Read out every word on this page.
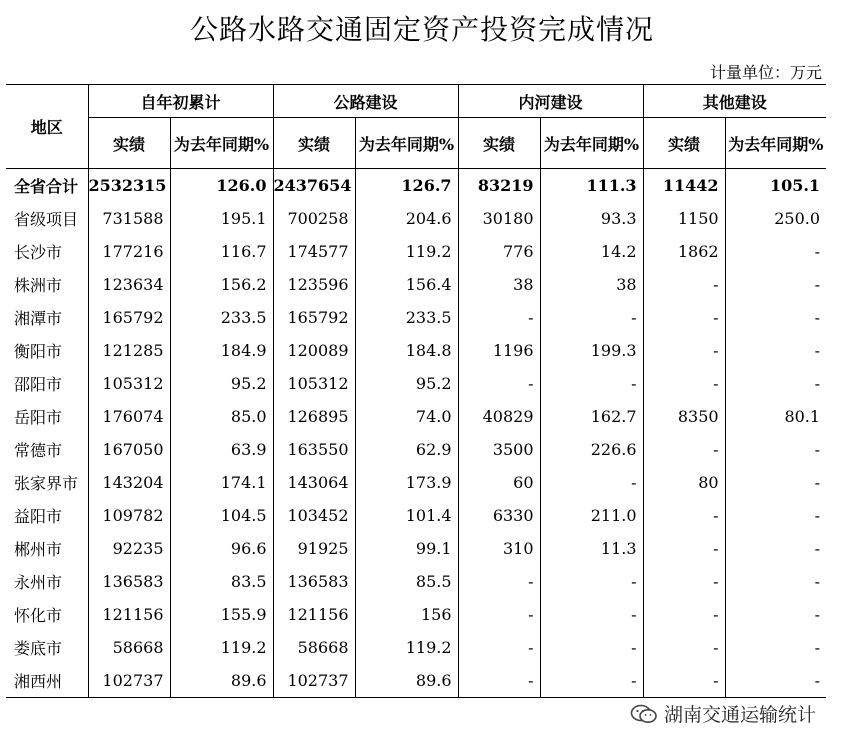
公路水路交通固定资产投资完成情况
计量单位：万元
地区	自年初累计		公路建设		内河建设		其他建设	
	实绩	为去年同期%	实绩	为去年同期%	实绩	为去年同期%	实绩	为去年同期%
全省合计	2532315	126.0	2437654	126.7	83219	111.3	11442	105.1
省级项目	731588	195.1	700258	204.6	30180	93.3	1150	250.0
长沙市	177216	116.7	174577	119.2	776	14.2	1862	-
株洲市	123634	156.2	123596	156.4	38	38	-	-
湘潭市	165792	233.5	165792	233.5	-	-	-	-
衡阳市	121285	184.9	120089	184.8	1196	199.3	-	-
邵阳市	105312	95.2	105312	95.2	-	-	-	-
岳阳市	176074	85.0	126895	74.0	40829	162.7	8350	80.1
常德市	167050	63.9	163550	62.9	3500	226.6	-	-
张家界市	143204	174.1	143064	173.9	60	-	80	-
益阳市	109782	104.5	103452	101.4	6330	211.0	-	-
郴州市	92235	96.6	91925	99.1	310	11.3	-	-
永州市	136583	83.5	136583	85.5	-	-	-	-
怀化市	121156	155.9	121156	156	-	-	-	-
娄底市	58668	119.2	58668	119.2	-	-	-	-
湘西州	102737	89.6	102737	89.6	-	-	-	-
湖南交通运输统计
